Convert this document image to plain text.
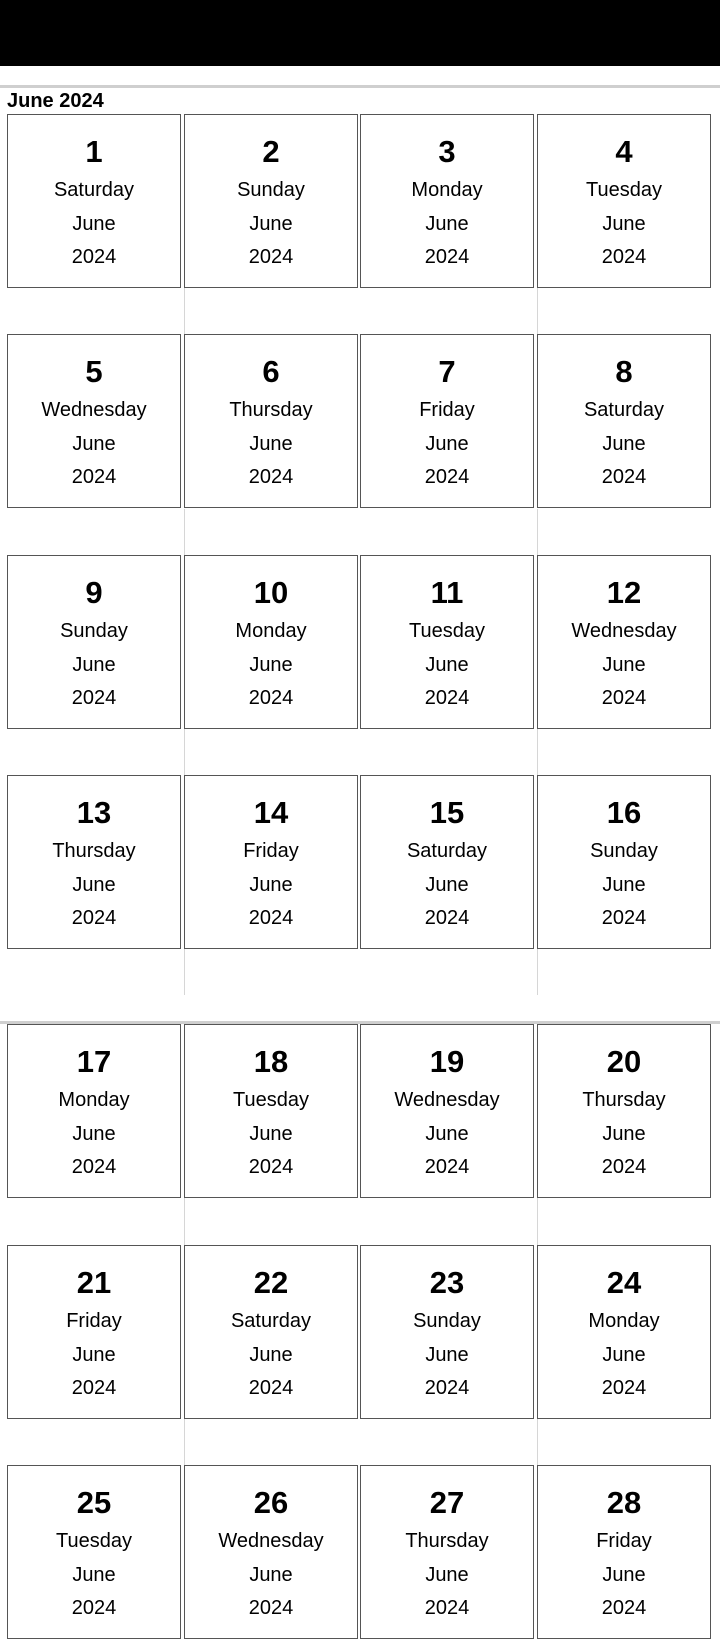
June 2024
1
Saturday
June
2024
2
Sunday
June
2024
3
Monday
June
2024
4
Tuesday
June
2024
5
Wednesday
June
2024
6
Thursday
June
2024
7
Friday
June
2024
8
Saturday
June
2024
9
Sunday
June
2024
10
Monday
June
2024
11
Tuesday
June
2024
12
Wednesday
June
2024
13
Thursday
June
2024
14
Friday
June
2024
15
Saturday
June
2024
16
Sunday
June
2024
17
Monday
June
2024
18
Tuesday
June
2024
19
Wednesday
June
2024
20
Thursday
June
2024
21
Friday
June
2024
22
Saturday
June
2024
23
Sunday
June
2024
24
Monday
June
2024
25
Tuesday
June
2024
26
Wednesday
June
2024
27
Thursday
June
2024
28
Friday
June
2024
